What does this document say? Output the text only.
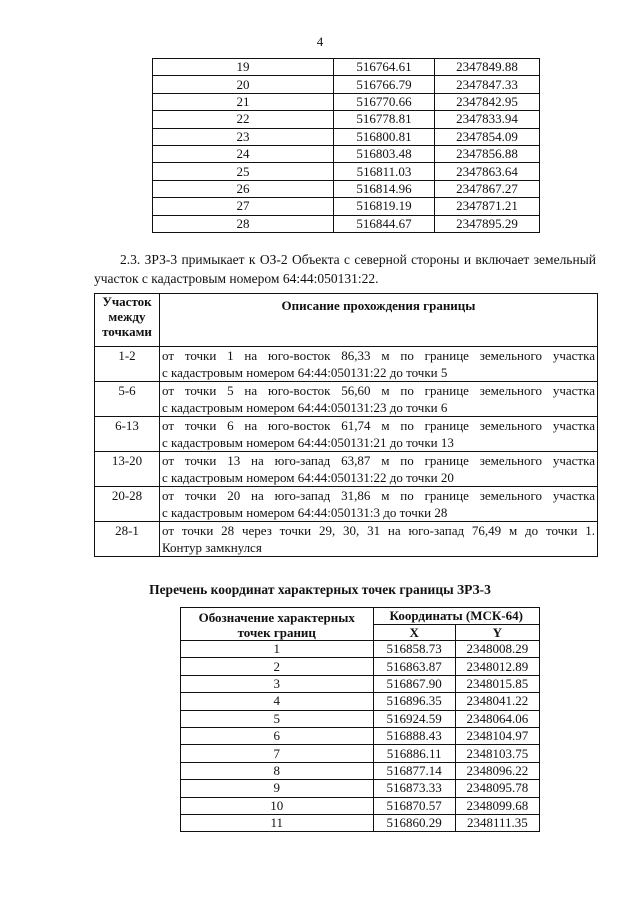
4
19	516764.61	2347849.88
20	516766.79	2347847.33
21	516770.66	2347842.95
22	516778.81	2347833.94
23	516800.81	2347854.09
24	516803.48	2347856.88
25	516811.03	2347863.64
26	516814.96	2347867.27
27	516819.19	2347871.21
28	516844.67	2347895.29
2.3. ЗРЗ-3 примыкает к ОЗ-2 Объекта с северной стороны и включает земельный участок с кадастровым номером 64:44:050131:22.
Участок между точками	Описание прохождения границы
1-2	от точки 1 на юго-восток 86,33 м по границе земельного участка
с кадастровым номером 64:44:050131:22 до точки 5
5-6	от точки 5 на юго-восток 56,60 м по границе земельного участка
с кадастровым номером 64:44:050131:23 до точки 6
6-13	от точки 6 на юго-восток 61,74 м по границе земельного участка
с кадастровым номером 64:44:050131:21 до точки 13
13-20	от точки 13 на юго-запад 63,87 м по границе земельного участка
с кадастровым номером 64:44:050131:22 до точки 20
20-28	от точки 20 на юго-запад 31,86 м по границе земельного участка
с кадастровым номером 64:44:050131:3 до точки 28
28-1	от точки 28 через точки 29, 30, 31 на юго-запад 76,49 м до точки 1.
Контур замкнулся
Перечень координат характерных точек границы ЗРЗ-3
Обозначение характерных точек границ	Координаты (МСК-64)	
	X	Y
1	516858.73	2348008.29
2	516863.87	2348012.89
3	516867.90	2348015.85
4	516896.35	2348041.22
5	516924.59	2348064.06
6	516888.43	2348104.97
7	516886.11	2348103.75
8	516877.14	2348096.22
9	516873.33	2348095.78
10	516870.57	2348099.68
11	516860.29	2348111.35
